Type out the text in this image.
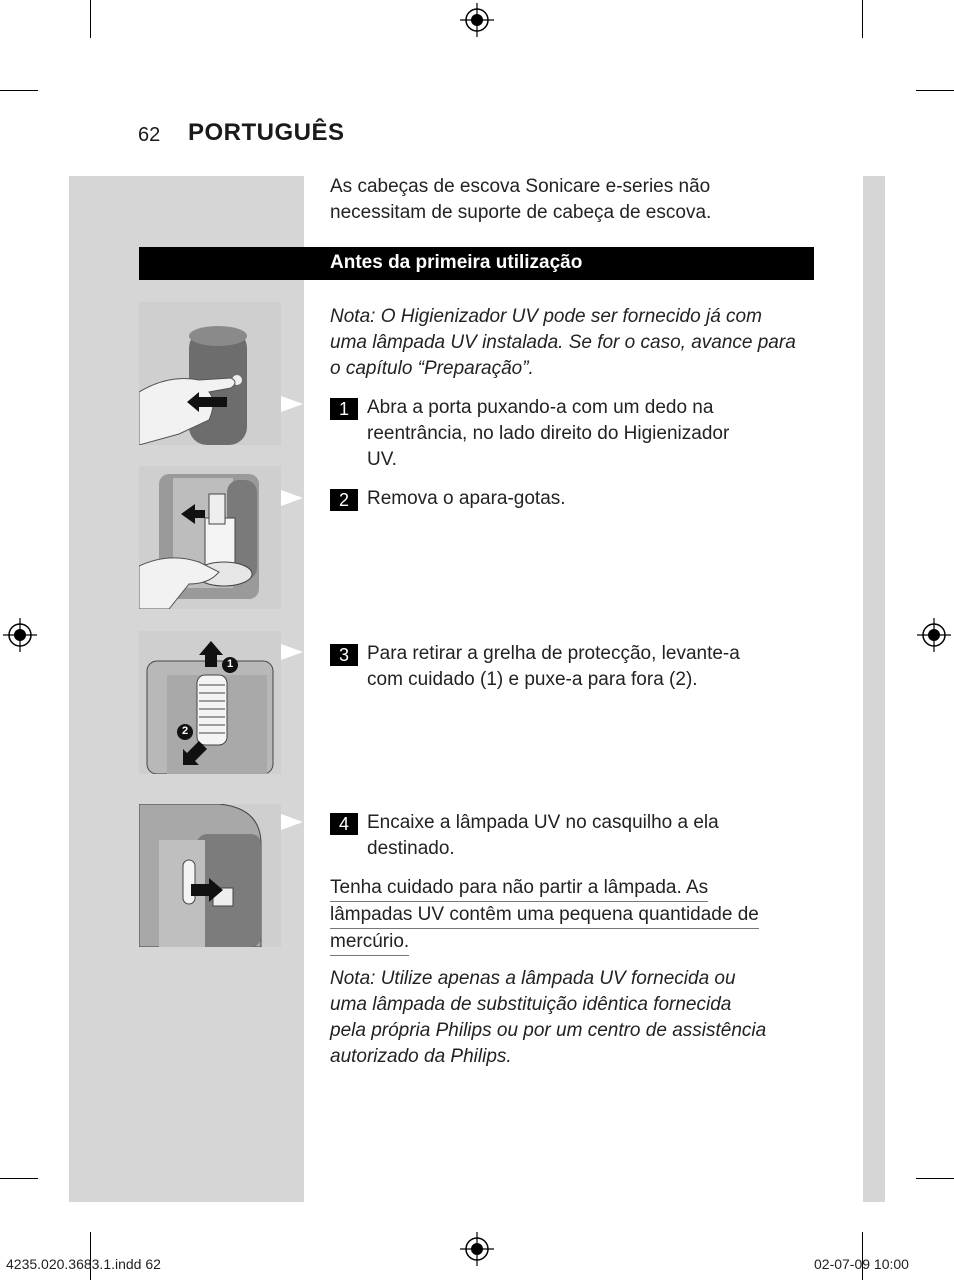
62 PORTUGUÊS
As cabeças de escova Sonicare e-series não
necessitam de suporte de cabeça de escova.
Antes da primeira utilização
Nota: O Higienizador UV pode ser fornecido já com
uma lâmpada UV instalada. Se for o caso, avance para
o capítulo “Preparação”.
1 Abra a porta puxando-a com um dedo na
reentrância, no lado direito do Higienizador
UV.
2 Remova o apara-gotas.
3 Para retirar a grelha de protecção, levante-a
com cuidado (1) e puxe-a para fora (2).
4 Encaixe a lâmpada UV no casquilho a ela
destinado.
Tenha cuidado para não partir a lâmpada. As
lâmpadas UV contêm uma pequena quantidade de
mercúrio.
Nota: Utilize apenas a lâmpada UV fornecida ou
uma lâmpada de substituição idêntica fornecida
pela própria Philips ou por um centro de assistência
autorizado da Philips.
1
2
4235.020.3683.1.indd 62	02-07-09 10:00
